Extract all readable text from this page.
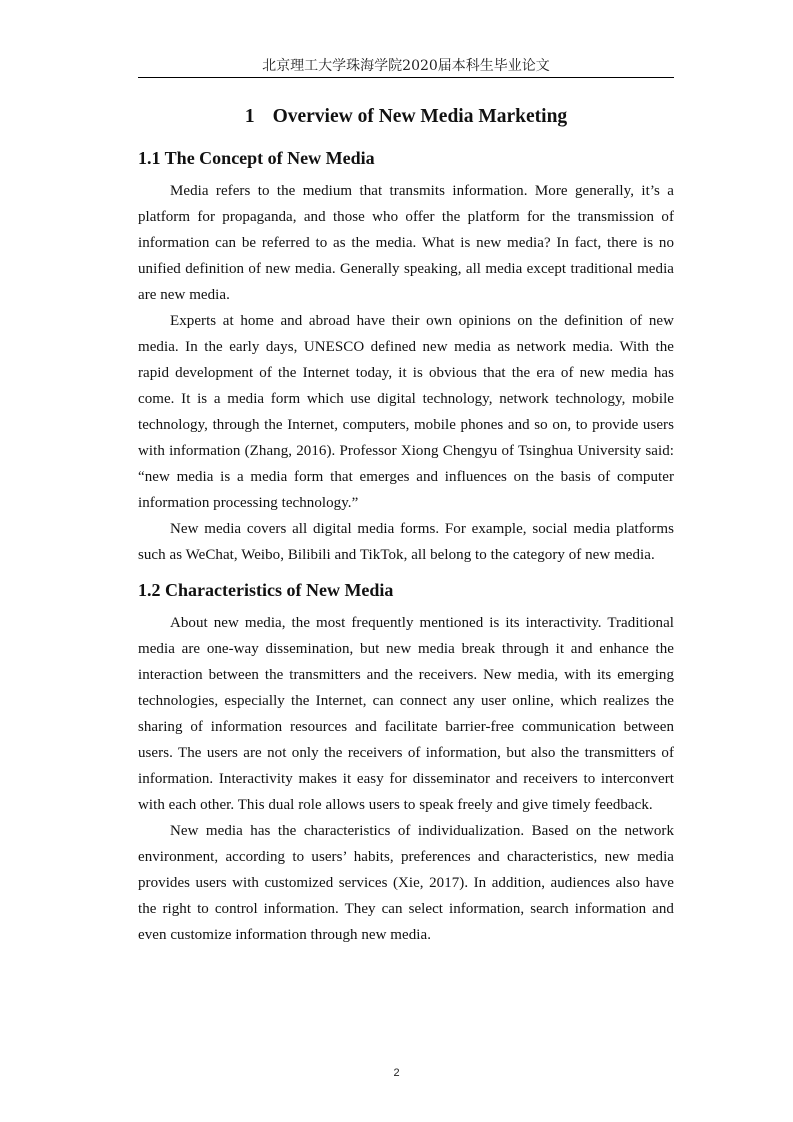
北京理工大学珠海学院2020届本科生毕业论文
1 Overview of New Media Marketing
1.1 The Concept of New Media

Media refers to the medium that transmits information. More generally, it’s a platform for propaganda, and those who offer the platform for the transmission of information can be referred to as the media. What is new media? In fact, there is no unified definition of new media. Generally speaking, all media except traditional media are new media.

Experts at home and abroad have their own opinions on the definition of new media. In the early days, UNESCO defined new media as network media. With the rapid development of the Internet today, it is obvious that the era of new media has come. It is a media form which use digital technology, network technology, mobile technology, through the Internet, computers, mobile phones and so on, to provide users with information (Zhang, 2016). Professor Xiong Chengyu of Tsinghua University said: “new media is a media form that emerges and influences on the basis of computer information processing technology.”

New media covers all digital media forms. For example, social media platforms such as WeChat, Weibo, Bilibili and TikTok, all belong to the category of new media.

1.2 Characteristics of New Media

About new media, the most frequently mentioned is its interactivity. Traditional media are one-way dissemination, but new media break through it and enhance the interaction between the transmitters and the receivers. New media, with its emerging technologies, especially the Internet, can connect any user online, which realizes the sharing of information resources and facilitate barrier-free communication between users. The users are not only the receivers of information, but also the transmitters of information. Interactivity makes it easy for disseminator and receivers to interconvert with each other. This dual role allows users to speak freely and give timely feedback.

New media has the characteristics of individualization. Based on the network environment, according to users’ habits, preferences and characteristics, new media provides users with customized services (Xie, 2017). In addition, audiences also have the right to control information. They can select information, search information and even customize information through new media.

2
